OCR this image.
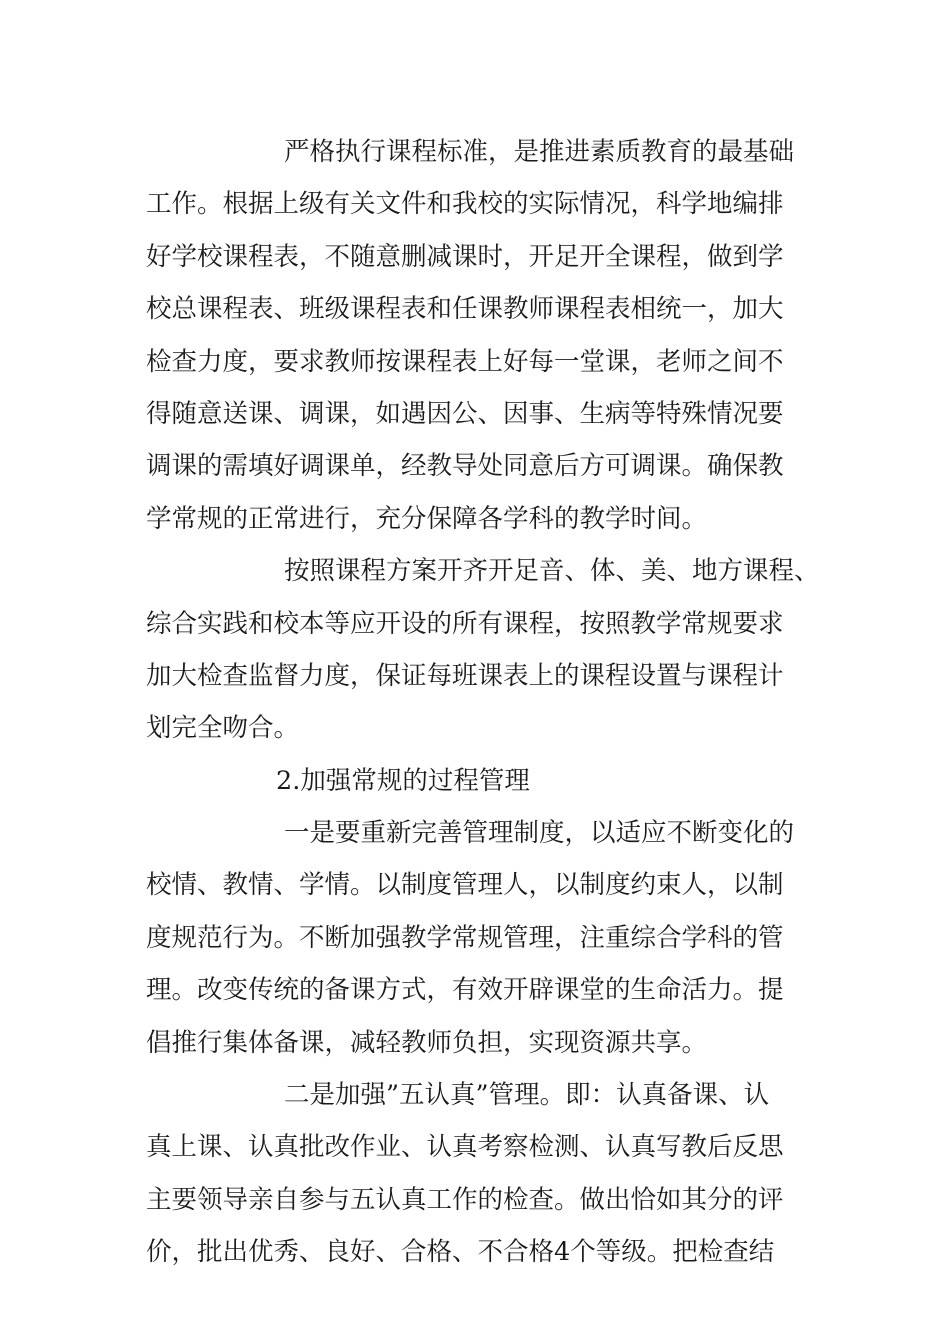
严格执行课程标准，是推进素质教育的最基础
工作。根据上级有关文件和我校的实际情况，科学地编排
好学校课程表，不随意删减课时，开足开全课程，做到学
校总课程表、班级课程表和任课教师课程表相统一，加大
检查力度，要求教师按课程表上好每一堂课，老师之间不
得随意送课、调课，如遇因公、因事、生病等特殊情况要
调课的需填好调课单，经教导处同意后方可调课。确保教
学常规的正常进行，充分保障各学科的教学时间。
按照课程方案开齐开足音、体、美、地方课程、
综合实践和校本等应开设的所有课程，按照教学常规要求
加大检查监督力度，保证每班课表上的课程设置与课程计
划完全吻合。
2.加强常规的过程管理
一是要重新完善管理制度，以适应不断变化的
校情、教情、学情。以制度管理人，以制度约束人，以制
度规范行为。不断加强教学常规管理，注重综合学科的管
理。改变传统的备课方式，有效开辟课堂的生命活力。提
倡推行集体备课，减轻教师负担，实现资源共享。
二是加强”五认真”管理。即：认真备课、认
真上课、认真批改作业、认真考察检测、认真写教后反思
主要领导亲自参与五认真工作的检查。做出恰如其分的评
价，批出优秀、良好、合格、不合格4个等级。把检查结
